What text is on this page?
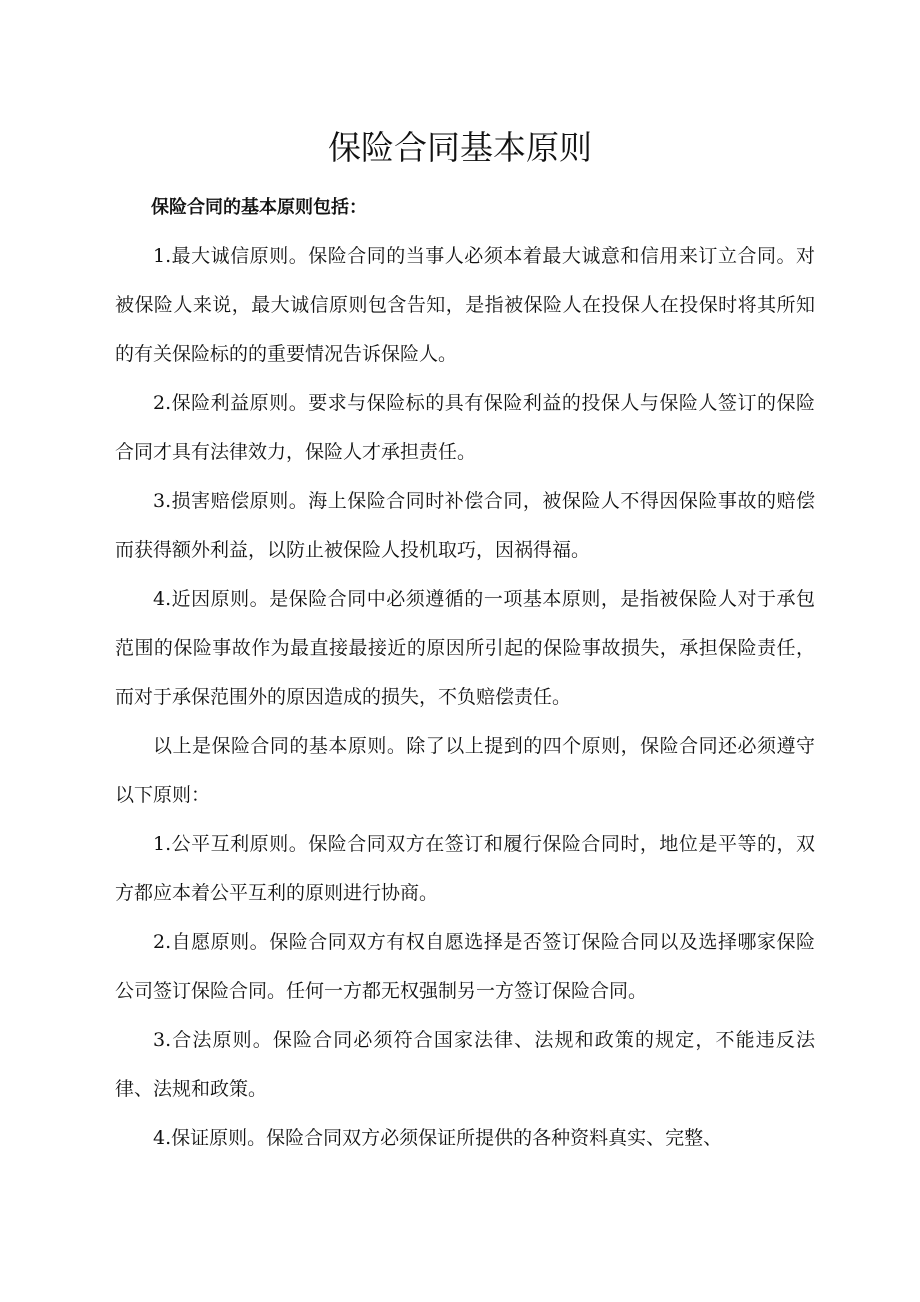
保险合同基本原则

保险合同的基本原则包括：

1.最大诚信原则。保险合同的当事人必须本着最大诚意和信用来订立合同。对被保险人来说，最大诚信原则包含告知，是指被保险人在投保人在投保时将其所知的有关保险标的的重要情况告诉保险人。

2.保险利益原则。要求与保险标的具有保险利益的投保人与保险人签订的保险合同才具有法律效力，保险人才承担责任。

3.损害赔偿原则。海上保险合同时补偿合同，被保险人不得因保险事故的赔偿而获得额外利益，以防止被保险人投机取巧，因祸得福。

4.近因原则。是保险合同中必须遵循的一项基本原则，是指被保险人对于承包范围的保险事故作为最直接最接近的原因所引起的保险事故损失，承担保险责任，而对于承保范围外的原因造成的损失，不负赔偿责任。

以上是保险合同的基本原则。除了以上提到的四个原则，保险合同还必须遵守以下原则：

1.公平互利原则。保险合同双方在签订和履行保险合同时，地位是平等的，双方都应本着公平互利的原则进行协商。

2.自愿原则。保险合同双方有权自愿选择是否签订保险合同以及选择哪家保险公司签订保险合同。任何一方都无权强制另一方签订保险合同。

3.合法原则。保险合同必须符合国家法律、法规和政策的规定，不能违反法律、法规和政策。

4.保证原则。保险合同双方必须保证所提供的各种资料真实、完整、
